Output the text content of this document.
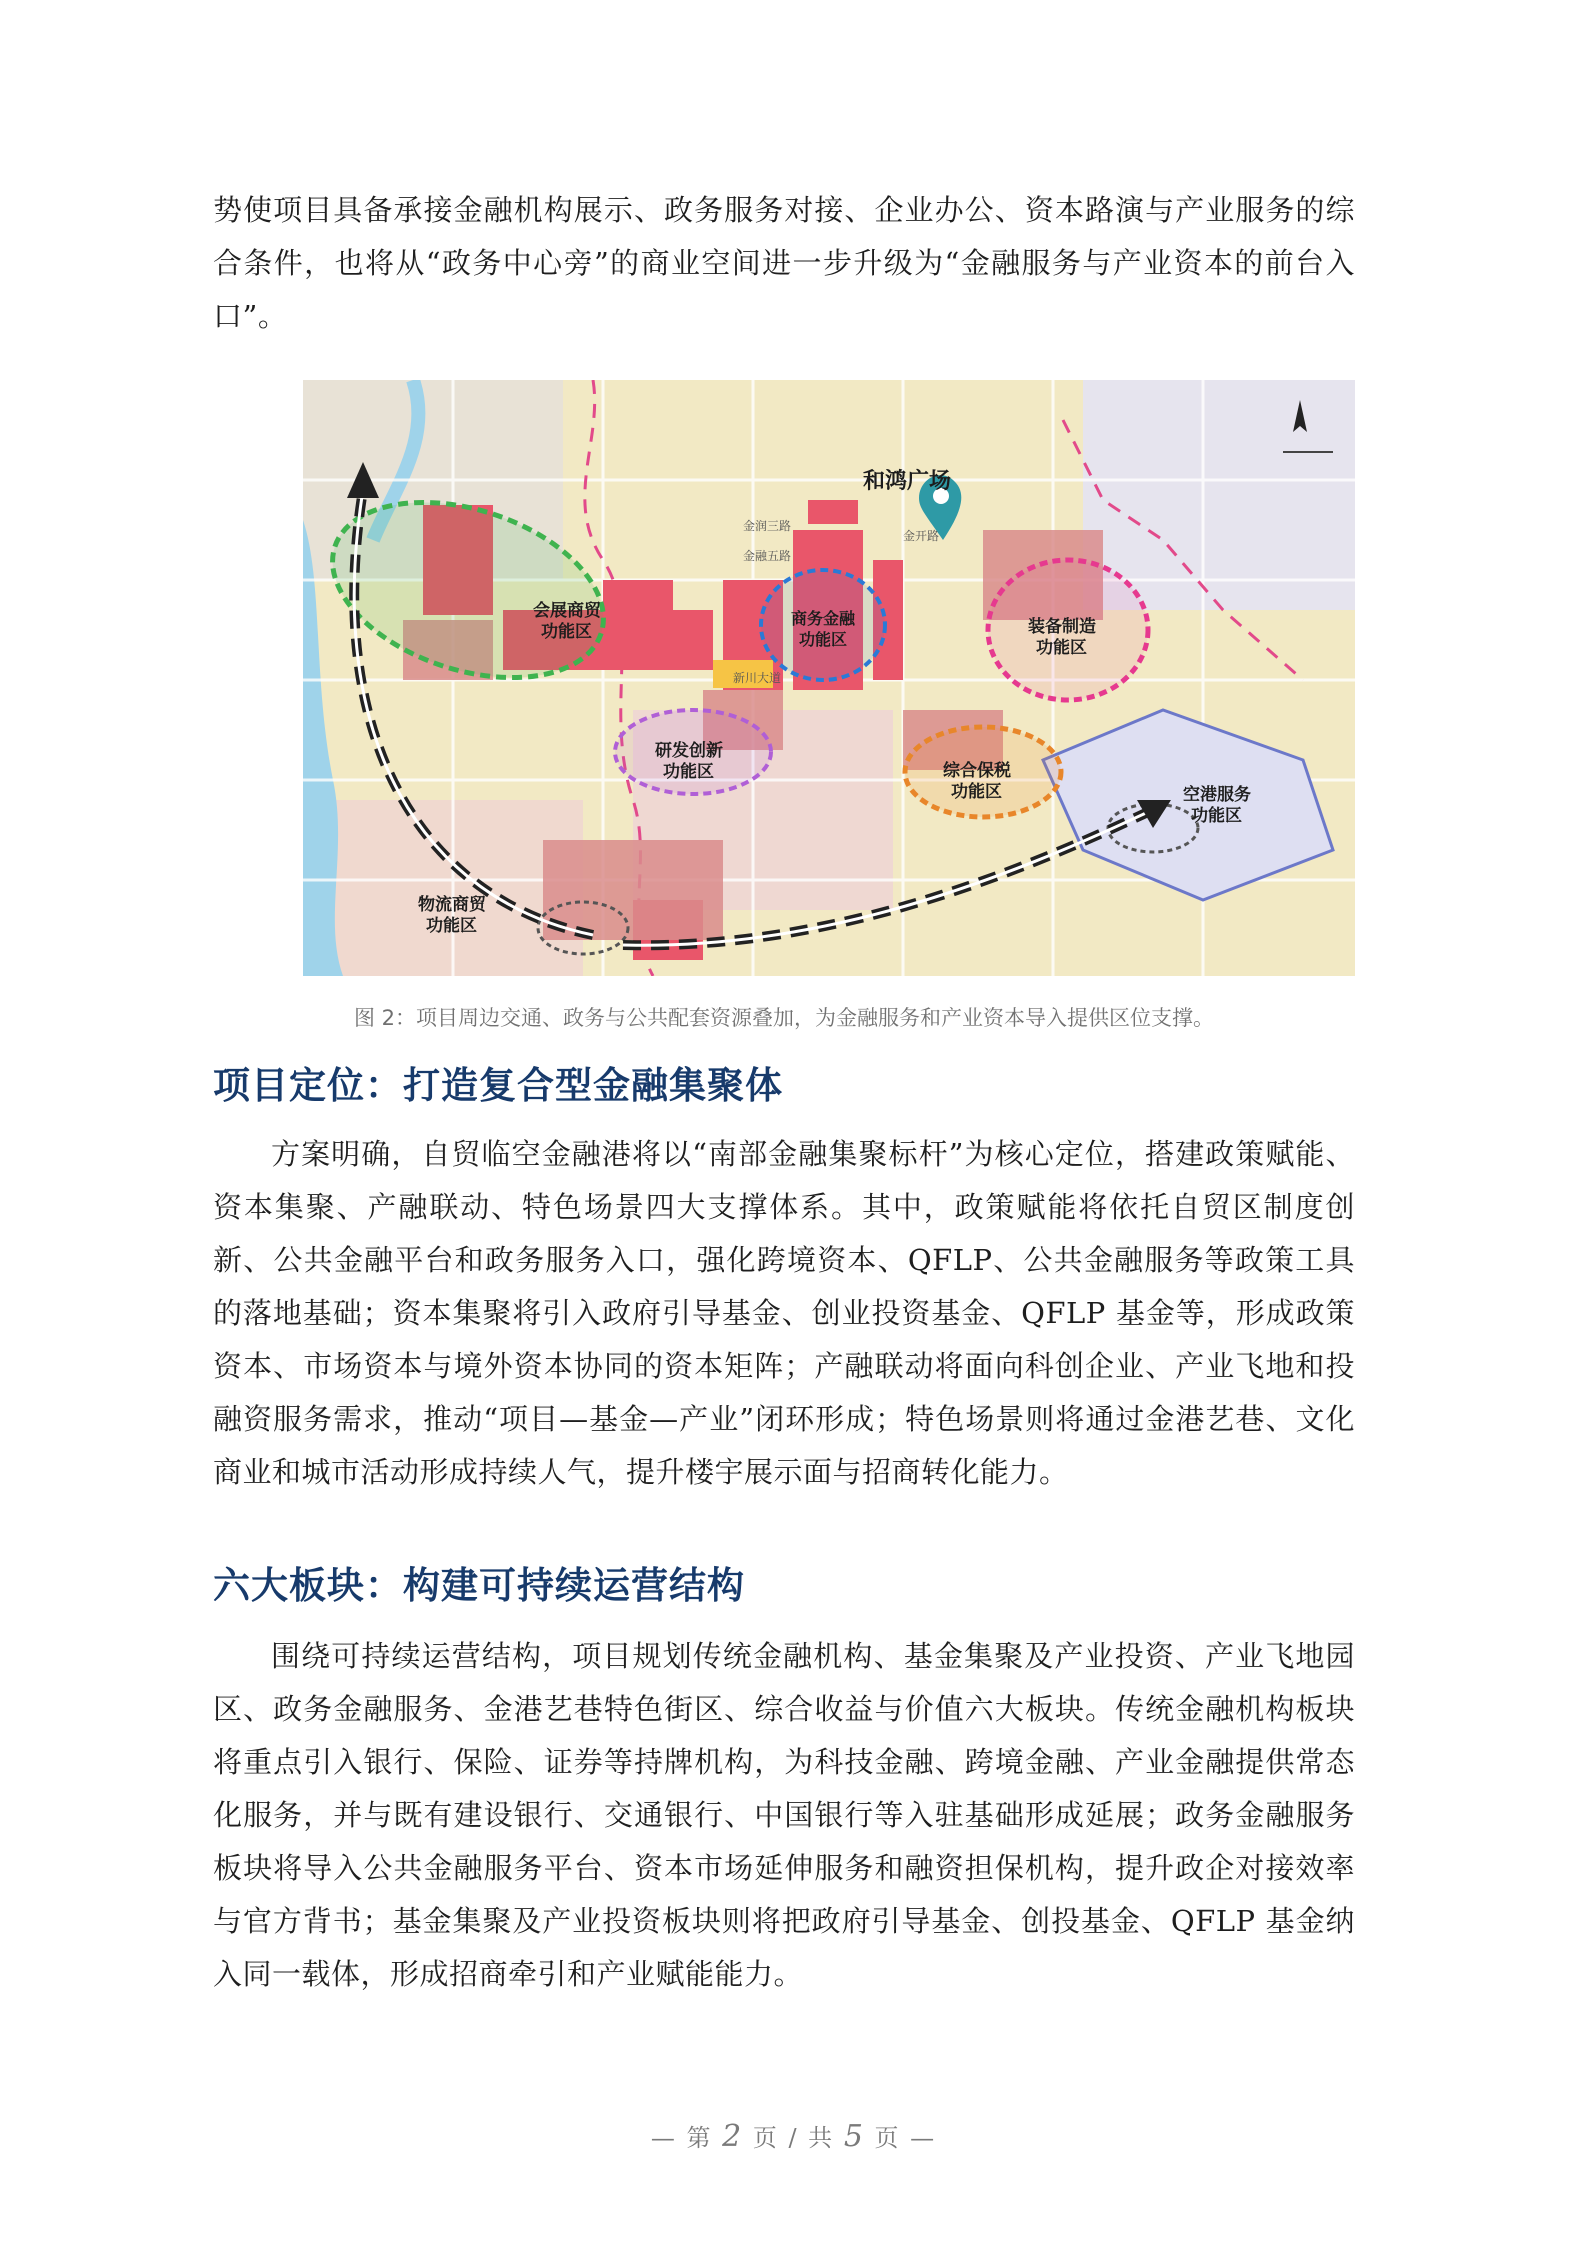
势使项目具备承接金融机构展示、政务服务对接、企业办公、资本路演与产业服务的综合条件，也将从“政务中心旁”的商业空间进一步升级为“金融服务与产业资本的前台入口”。

和鸿广场
会展商贸功能区
商务金融功能区
装备制造功能区
研发创新功能区	综合保税功能区	空港服务功能区
物流商贸功能区
金润三路
金融五路
金开路
新川大道

图 2：项目周边交通、政务与公共配套资源叠加，为金融服务和产业资本导入提供区位支撑。

项目定位：打造复合型金融集聚体

方案明确，自贸临空金融港将以“南部金融集聚标杆”为核心定位，搭建政策赋能、资本集聚、产融联动、特色场景四大支撑体系。其中，政策赋能将依托自贸区制度创新、公共金融平台和政务服务入口，强化跨境资本、QFLP、公共金融服务等政策工具的落地基础；资本集聚将引入政府引导基金、创业投资基金、QFLP 基金等，形成政策资本、市场资本与境外资本协同的资本矩阵；产融联动将面向科创企业、产业飞地和投融资服务需求，推动“项目—基金—产业”闭环形成；特色场景则将通过金港艺巷、文化商业和城市活动形成持续人气，提升楼宇展示面与招商转化能力。

六大板块：构建可持续运营结构

围绕可持续运营结构，项目规划传统金融机构、基金集聚及产业投资、产业飞地园区、政务金融服务、金港艺巷特色街区、综合收益与价值六大板块。传统金融机构板块将重点引入银行、保险、证券等持牌机构，为科技金融、跨境金融、产业金融提供常态化服务，并与既有建设银行、交通银行、中国银行等入驻基础形成延展；政务金融服务板块将导入公共金融服务平台、资本市场延伸服务和融资担保机构，提升政企对接效率与官方背书；基金集聚及产业投资板块则将把政府引导基金、创投基金、QFLP 基金纳入同一载体，形成招商牵引和产业赋能能力。

— 第 2 页 / 共 5 页 —
